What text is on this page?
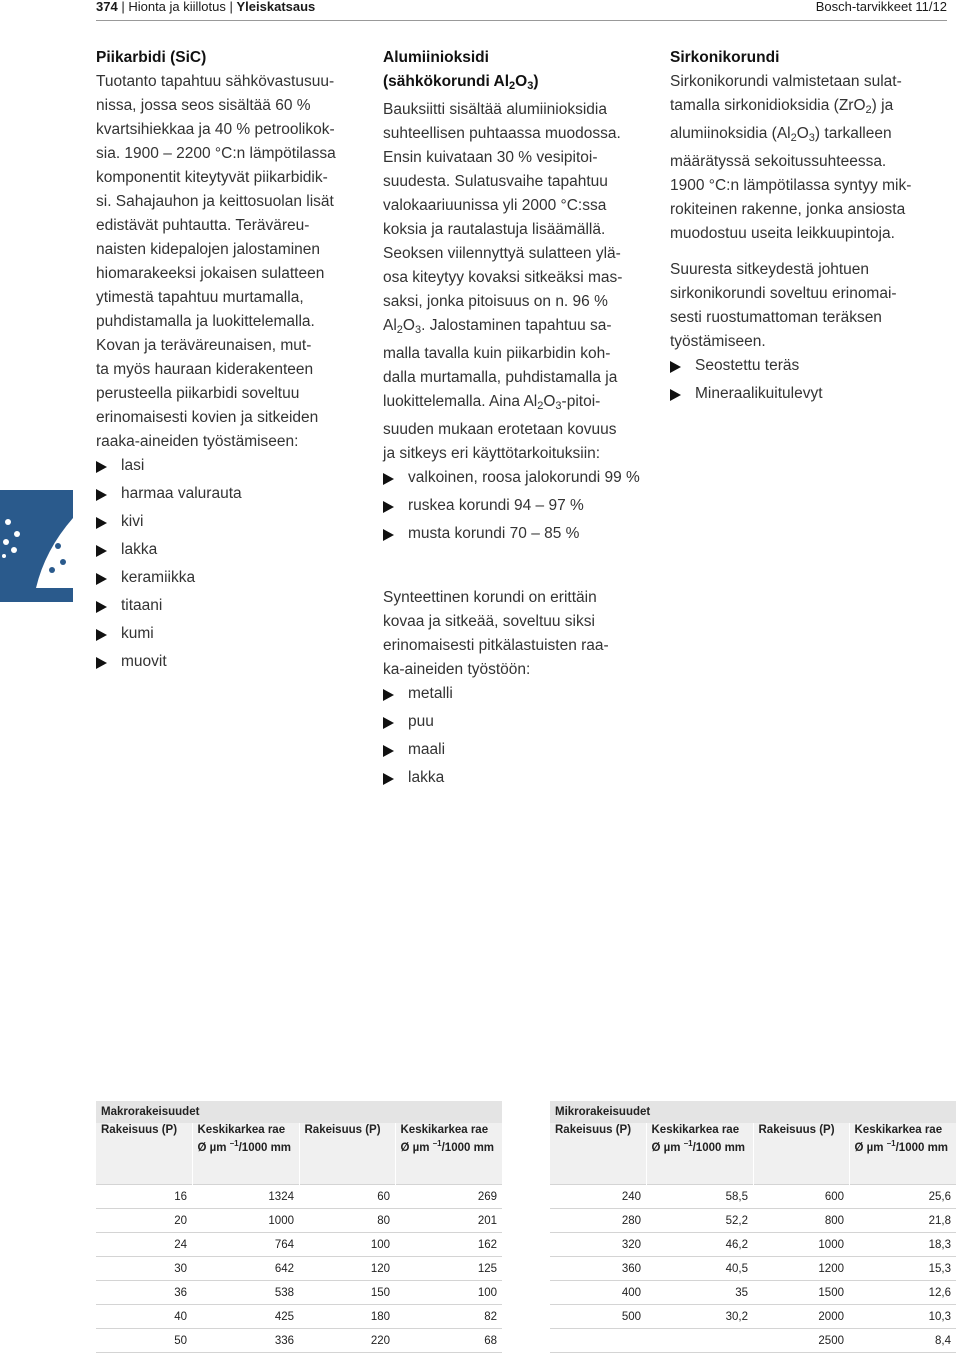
374 | Hionta ja kiillotus | Yleiskatsaus	Bosch-tarvikkeet 11/12
Piikarbidi (SiC)

Tuotanto tapahtuu sähkövastusuu-

nissa, jossa seos sisältää 60 %

kvartsihiekkaa ja 40 % petroolikok-

sia. 1900 – 2200 °C:n lämpötilassa

komponentit kiteytyvät piikarbidik-

si. Sahajauhon ja keittosuolan lisät

edistävät puhtautta. Teräväreu-

naisten kidepalojen jalostaminen

hiomarakeeksi jokaisen sulatteen

ytimestä tapahtuu murtamalla,

puhdistamalla ja luokittelemalla.

Kovan ja teräväreunaisen, mut-

ta myös hauraan kiderakenteen

perusteella piikarbidi soveltuu

erinomaisesti kovien ja sitkeiden

raaka-aineiden työstämiseen:

lasi
harmaa valurauta
kivi
lakka
keramiikka
titaani
kumi
muovit
Alumiinioksidi
(sähkökorundi $Al_2O_3$)

Bauksiitti sisältää alumiinioksidia

suhteellisen puhtaassa muodossa.

Ensin kuivataan 30 % vesipitoi-

suudesta. Sulatusvaihe tapahtuu

valokaariuunissa yli 2000 °C:ssa

koksia ja rautalastuja lisäämällä.

Seoksen viilennyttyä sulatteen ylä-

osa kiteytyy kovaksi sitkeäksi mas-

saksi, jonka pitoisuus on n. 96 %

$Al_2O_3$. Jalostaminen tapahtuu sa-

malla tavalla kuin piikarbidin koh-

dalla murtamalla, puhdistamalla ja

luokittelemalla. Aina $Al_2O_3-pitoi-$

suuden mukaan erotetaan kovuus

ja sitkeys eri käyttötarkoituksiin:

valkoinen, roosa jalokorundi 99 %
ruskea korundi 94 – 97 %
musta korundi 70 – 85 %

Synteettinen korundi on erittäin

kovaa ja sitkeää, soveltuu siksi

erinomaisesti pitkälastuisten raa-

ka-aineiden työstöön:

metalli
puu
maali
lakka
Sirkonikorundi

Sirkonikorundi valmistetaan sulat-

tamalla sirkonidioksidia (ZrO$_2$) ja

alumiinoksidia $(Al_2O_3)$ tarkalleen

määrätyssä sekoitussuhteessa.

1900 °C:n lämpötilassa syntyy mik-

rokiteinen rakenne, jonka ansiosta

muodostuu useita leikkuupintoja.

Suuresta sitkeydestä johtuen

sirkonikorundi soveltuu erinomai-

sesti ruostumattoman teräksen

työstämiseen.

Seostettu teräs
Mineraalikuitulevyt
Makrorakeisuudet			
Rakeisuus (P)	Keskikarkea rae
Ø µm $^{-1}$/1000 mm	Rakeisuus (P)	Keskikarkea rae
Ø µm $^{-1}$/1000 mm
16	1324	60	269
20	1000	80	201
24	764	100	162
30	642	120	125
36	538	150	100
40	425	180	82
50	336	220	68
Mikrorakeisuudet			
Rakeisuus (P)	Keskikarkea rae
Ø µm $^{-1}$/1000 mm	Rakeisuus (P)	Keskikarkea rae
Ø µm $^{-1}$/1000 mm
240	58,5	600	25,6
280	52,2	800	21,8
320	46,2	1000	18,3
360	40,5	1200	15,3
400	35	1500	12,6
500	30,2	2000	10,3
		2500	8,4
